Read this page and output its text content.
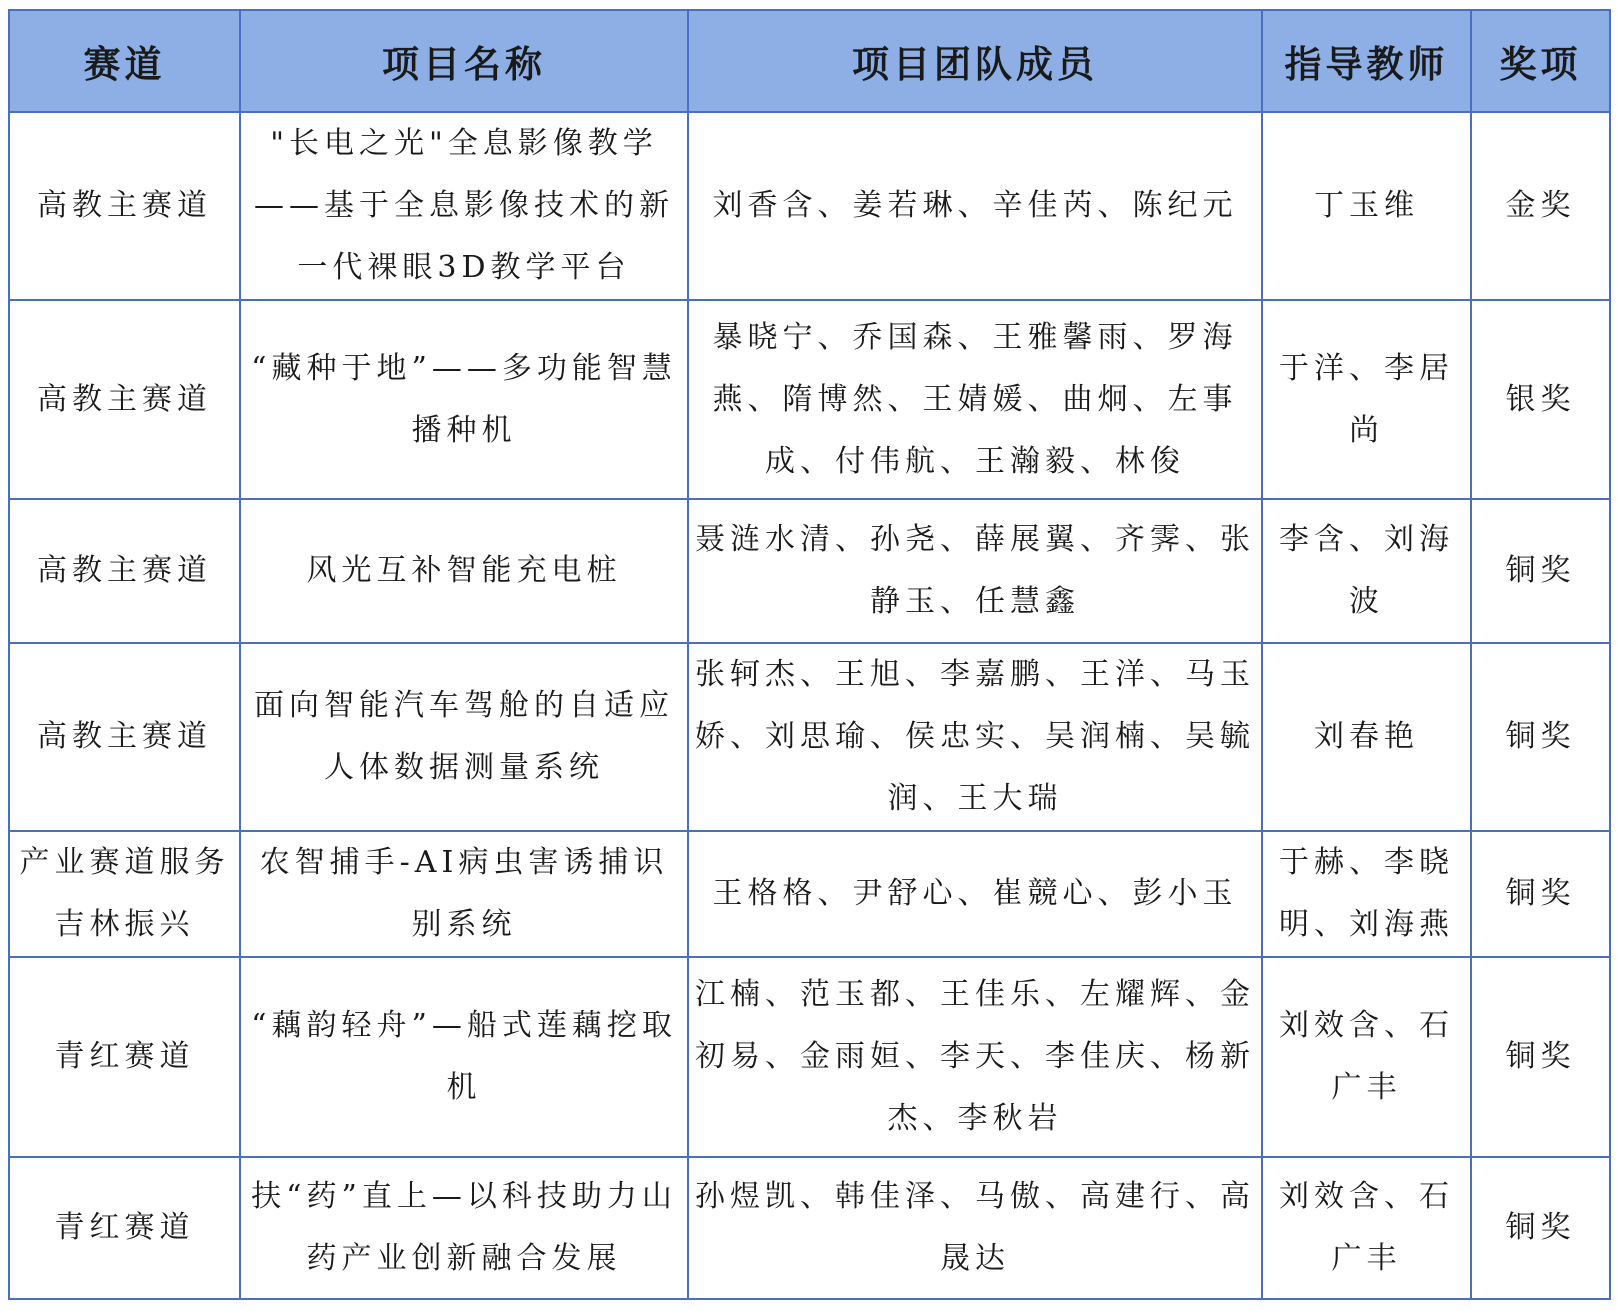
赛道	项目名称	项目团队成员	指导教师	奖项
高教主赛道	"长电之光"全息影像教学——基于全息影像技术的新一代裸眼3D教学平台	刘香含、姜若琳、辛佳芮、陈纪元	丁玉维	金奖
高教主赛道	“藏种于地”——多功能智慧播种机	暴晓宁、乔国森、王雅馨雨、罗海燕、隋博然、王婧媛、曲炯、左事成、付伟航、王瀚毅、林俊	于洋、李居尚	银奖
高教主赛道	风光互补智能充电桩	聂涟水清、孙尧、薛展翼、齐霁、张静玉、任慧鑫	李含、刘海波	铜奖
高教主赛道	面向智能汽车驾舱的自适应人体数据测量系统	张轲杰、王旭、李嘉鹏、王洋、马玉娇、刘思瑜、侯忠实、吴润楠、吴毓润、王大瑞	刘春艳	铜奖
产业赛道服务吉林振兴	农智捕手-AI病虫害诱捕识别系统	王格格、尹舒心、崔競心、彭小玉	于赫、李晓明、刘海燕	铜奖
青红赛道	“藕韵轻舟”—船式莲藕挖取机	江楠、范玉都、王佳乐、左耀辉、金初易、金雨姮、李天、李佳庆、杨新杰、李秋岩	刘效含、石广丰	铜奖
青红赛道	扶“药”直上—以科技助力山药产业创新融合发展	孙煜凯、韩佳泽、马傲、高建行、高晟达	刘效含、石广丰	铜奖
